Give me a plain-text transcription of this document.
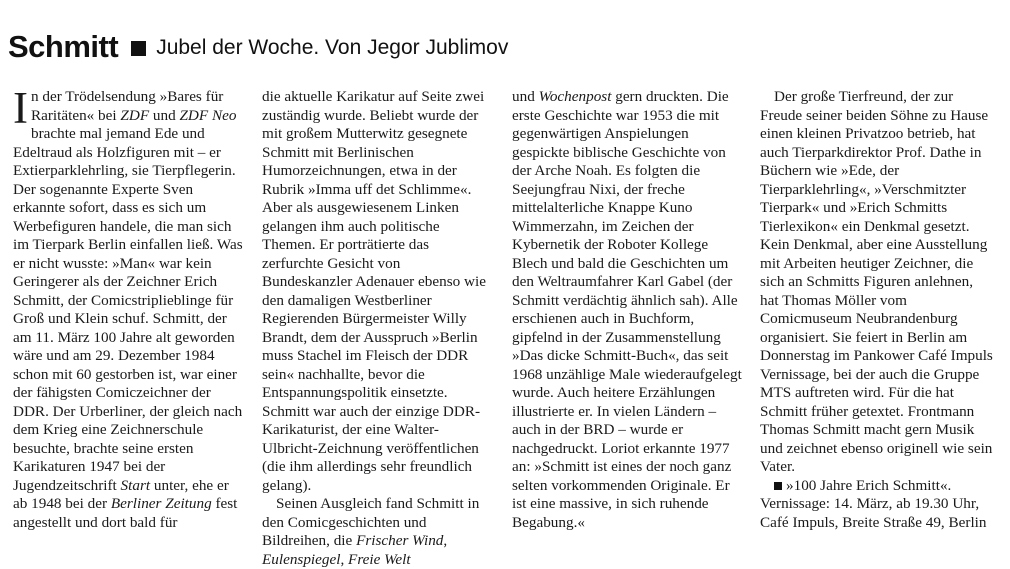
Schmitt Jubel der Woche. Von Jegor Jublimov

I n der Trödelsendung »Bares für Raritäten« bei ZDF und ZDF Neo brachte mal jemand Ede und Edeltraud als Holzfiguren mit – er Extierparklehrling, sie Tierpflegerin. Der sogenannte Experte Sven erkannte sofort, dass es sich um Werbefiguren handele, die man sich im Tierpark Berlin einfallen ließ. Was er nicht wusste: »Man« war kein Geringerer als der Zeichner Erich Schmitt, der Comicstriplieblinge für Groß und Klein schuf. Schmitt, der am 11. März 100 Jahre alt geworden wäre und am 29. Dezember 1984 schon mit 60 gestorben ist, war einer der fähigsten Comiczeichner der DDR. Der Urberliner, der gleich nach dem Krieg eine Zeichnerschule besuchte, brachte seine ersten Karikaturen 1947 bei der Jugendzeitschrift Start unter, ehe er ab 1948 bei der Berliner Zeitung fest angestellt und dort bald für

die aktuelle Karikatur auf Seite zwei zuständig wurde. Beliebt wurde der mit großem Mutterwitz gesegnete Schmitt mit Berlinischen Humorzeichnungen, etwa in der Rubrik »Imma uff det Schlimme«. Aber als ausgewiesenem Linken gelangen ihm auch politische Themen. Er porträtierte das zerfurchte Gesicht von Bundeskanzler Adenauer ebenso wie den damaligen Westberliner Regierenden Bürgermeister Willy Brandt, dem der Ausspruch »Berlin muss Stachel im Fleisch der DDR sein« nachhallte, bevor die Entspannungspolitik einsetzte. Schmitt war auch der einzige DDR-Karikaturist, der eine Walter-Ulbricht-Zeichnung veröffentlichen (die ihm allerdings sehr freundlich gelang).

Seinen Ausgleich fand Schmitt in den Comicgeschichten und Bildreihen, die Frischer Wind, Eulenspiegel, Freie Welt

und Wochenpost gern druckten. Die erste Geschichte war 1953 die mit gegenwärtigen Anspielungen gespickte biblische Geschichte von der Arche Noah. Es folgten die Seejungfrau Nixi, der freche mittelalterliche Knappe Kuno Wimmerzahn, im Zeichen der Kybernetik der Roboter Kollege Blech und bald die Geschichten um den Weltraumfahrer Karl Gabel (der Schmitt verdächtig ähnlich sah). Alle erschienen auch in Buchform, gipfelnd in der Zusammenstellung »Das dicke Schmitt-Buch«, das seit 1968 unzählige Male wiederaufgelegt wurde. Auch heitere Erzählungen illustrierte er. In vielen Ländern – auch in der BRD – wurde er nachgedruckt. Loriot erkannte 1977 an: »Schmitt ist eines der noch ganz selten vorkommenden Originale. Er ist eine massive, in sich ruhende Begabung.«

Der große Tierfreund, der zur Freude seiner beiden Söhne zu Hause einen kleinen Privatzoo betrieb, hat auch Tierparkdirektor Prof. Dathe in Büchern wie »Ede, der Tierparklehrling«, »Verschmitzter Tierpark« und »Erich Schmitts Tierlexikon« ein Denkmal gesetzt. Kein Denkmal, aber eine Ausstellung mit Arbeiten heutiger Zeichner, die sich an Schmitts Figuren anlehnen, hat Thomas Möller vom Comicmuseum Neubrandenburg organisiert. Sie feiert in Berlin am Donnerstag im Pankower Café Impuls Vernissage, bei der auch die Gruppe MTS auftreten wird. Für die hat Schmitt früher getextet. Frontmann Thomas Schmitt macht gern Musik und zeichnet ebenso originell wie sein Vater.

»100 Jahre Erich Schmitt«.

Vernissage: 14. März, ab 19.30 Uhr,

Café Impuls, Breite Straße 49, Berlin
